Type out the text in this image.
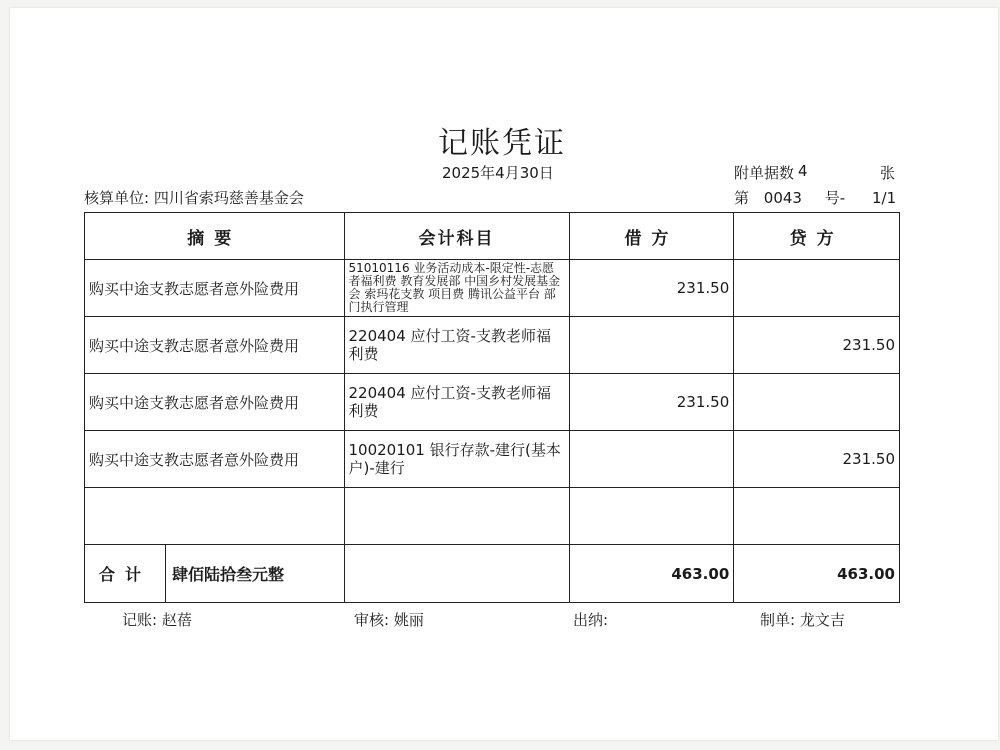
记账凭证
2025年4月30日	附单据数 4	张
核算单位: 四川省索玛慈善基金会	第 0043 号- 1/1
摘要	会计科目	借方	贷方
购买中途支教志愿者意外险费用	51010116 业务活动成本-限定性-志愿者福利费 教育发展部 中国乡村发展基金会 索玛花支教 项目费 腾讯公益平台 部门执行管理	231.50	
购买中途支教志愿者意外险费用	220404 应付工资-支教老师福利费		231.50
购买中途支教志愿者意外险费用	220404 应付工资-支教老师福利费	231.50	
购买中途支教志愿者意外险费用	10020101 银行存款-建行(基本户)-建行		231.50

合计 肆佰陆拾叁元整		463.00	463.00
记账: 赵蓓	审核: 姚丽	出纳:	制单: 龙文吉
